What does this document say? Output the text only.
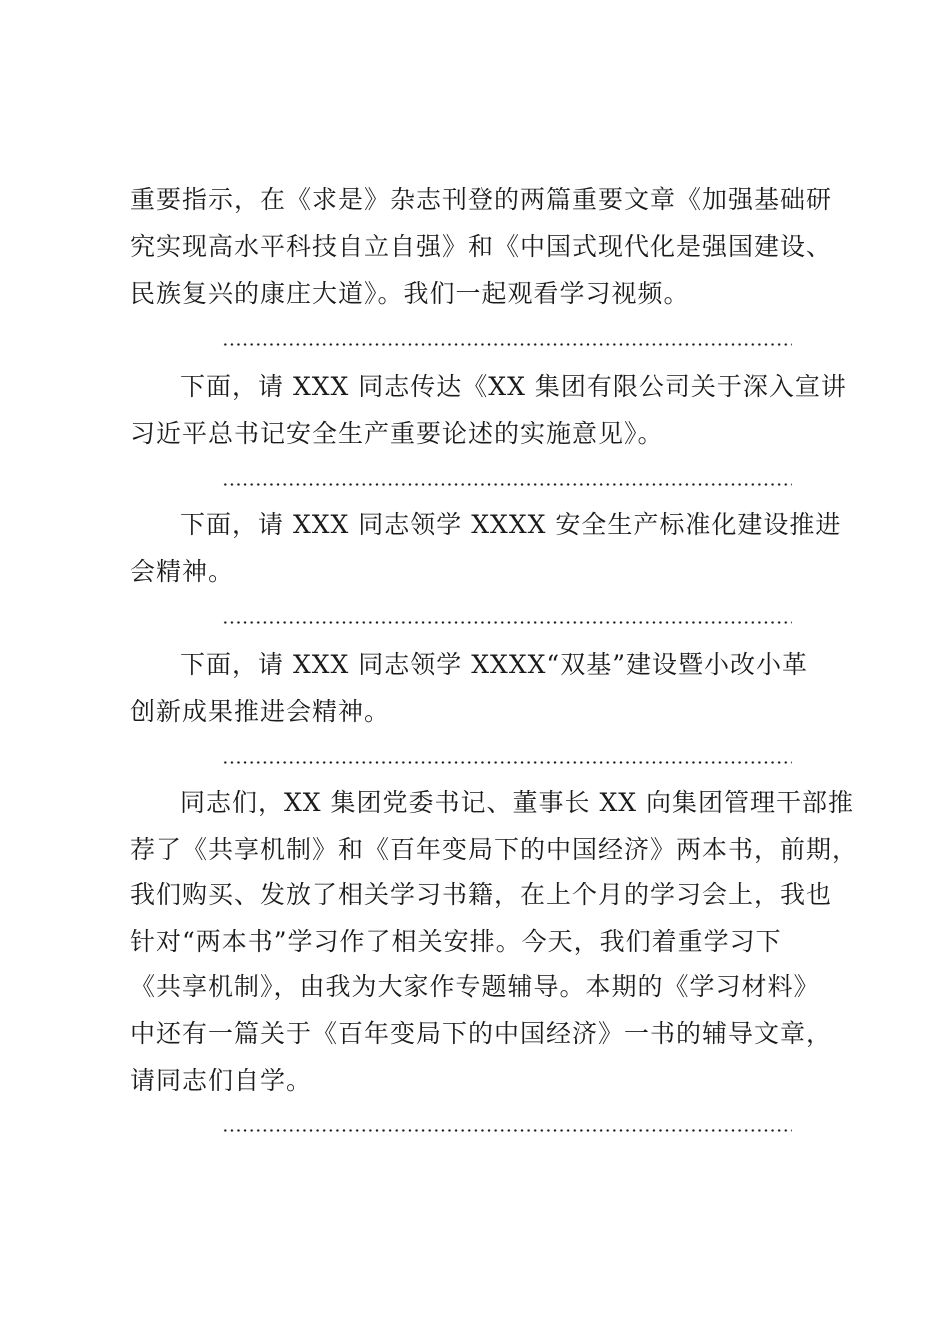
重要指示，在《求是》杂志刊登的两篇重要文章《加强基础研
究实现高水平科技自立自强》和《中国式现代化是强国建设、
民族复兴的康庄大道》。我们一起观看学习视频。
下面，请 XXX 同志传达《XX 集团有限公司关于深入宣讲
习近平总书记安全生产重要论述的实施意见》。
下面，请 XXX 同志领学 XXXX 安全生产标准化建设推进
会精神。
下面，请 XXX 同志领学 XXXX“双基”建设暨小改小革
创新成果推进会精神。
同志们，XX 集团党委书记、董事长 XX 向集团管理干部推
荐了《共享机制》和《百年变局下的中国经济》两本书，前期，
我们购买、发放了相关学习书籍，在上个月的学习会上，我也
针对“两本书”学习作了相关安排。今天，我们着重学习下
《共享机制》，由我为大家作专题辅导。本期的《学习材料》
中还有一篇关于《百年变局下的中国经济》一书的辅导文章，
请同志们自学。
